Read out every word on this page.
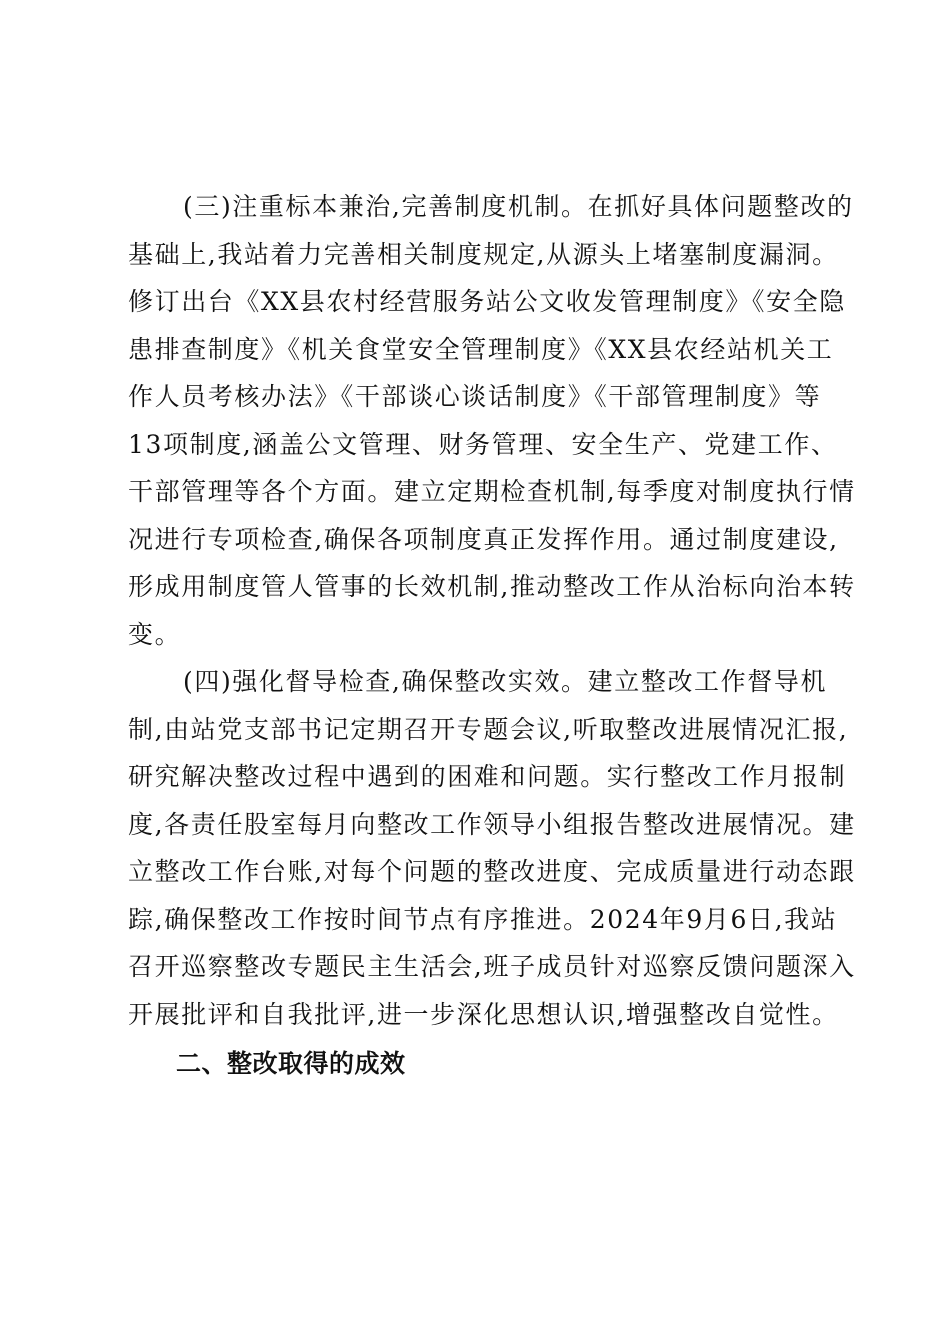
(三)注重标本兼治,完善制度机制。在抓好具体问题整改的
基础上,我站着力完善相关制度规定,从源头上堵塞制度漏洞。
修订出台《XX县农村经营服务站公文收发管理制度》《安全隐
患排查制度》《机关食堂安全管理制度》《XX县农经站机关工
作人员考核办法》《干部谈心谈话制度》《干部管理制度》等
13项制度,涵盖公文管理、财务管理、安全生产、党建工作、
干部管理等各个方面。建立定期检查机制,每季度对制度执行情
况进行专项检查,确保各项制度真正发挥作用。通过制度建设,
形成用制度管人管事的长效机制,推动整改工作从治标向治本转
变。
(四)强化督导检查,确保整改实效。建立整改工作督导机
制,由站党支部书记定期召开专题会议,听取整改进展情况汇报,
研究解决整改过程中遇到的困难和问题。实行整改工作月报制
度,各责任股室每月向整改工作领导小组报告整改进展情况。建
立整改工作台账,对每个问题的整改进度、完成质量进行动态跟
踪,确保整改工作按时间节点有序推进。2024年9月6日,我站
召开巡察整改专题民主生活会,班子成员针对巡察反馈问题深入
开展批评和自我批评,进一步深化思想认识,增强整改自觉性。
二、整改取得的成效
